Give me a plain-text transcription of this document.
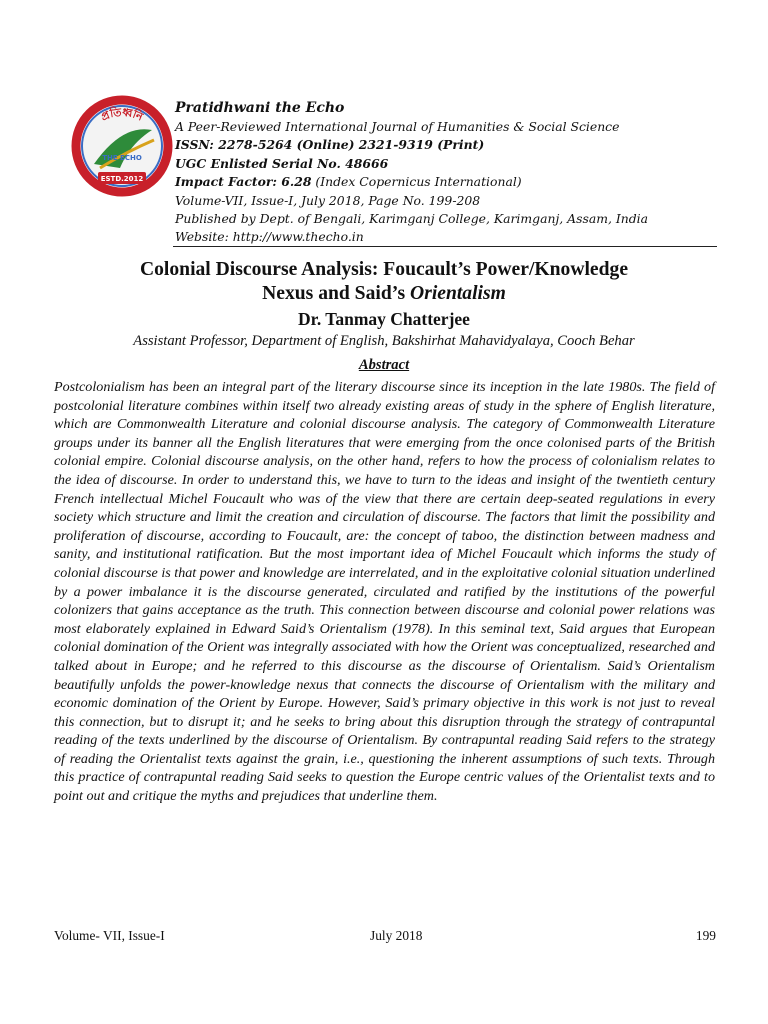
প্রতিধ্বনি
THE ECHO
ESTD.2012
Pratidhwani the Echo
A Peer-Reviewed International Journal of Humanities & Social Science
ISSN: 2278-5264 (Online) 2321-9319 (Print)
UGC Enlisted Serial No. 48666
Impact Factor: 6.28 (Index Copernicus International)
Volume-VII, Issue-I, July 2018, Page No. 199-208
Published by Dept. of Bengali, Karimganj College, Karimganj, Assam, India
Website: http://www.thecho.in
Colonial Discourse Analysis: Foucault’s Power/Knowledge
Nexus and Said’s Orientalism
Dr. Tanmay Chatterjee
Assistant Professor, Department of English, Bakshirhat Mahavidyalaya, Cooch Behar
Abstract

Postcolonialism has been an integral part of the literary discourse since its inception in the late 1980s. The field of postcolonial literature combines within itself two already existing areas of study in the sphere of English literature, which are Commonwealth Literature and colonial discourse analysis. The category of Commonwealth Literature groups under its banner all the English literatures that were emerging from the once colonised parts of the British colonial empire. Colonial discourse analysis, on the other hand, refers to how the process of colonialism relates to the idea of discourse. In order to understand this, we have to turn to the ideas and insight of the twentieth century French intellectual Michel Foucault who was of the view that there are certain deep-seated regulations in every society which structure and limit the creation and circulation of discourse. The factors that limit the possibility and proliferation of discourse, according to Foucault, are: the concept of taboo, the distinction between madness and sanity, and institutional ratification. But the most important idea of Michel Foucault which informs the study of colonial discourse is that power and knowledge are interrelated, and in the exploitative colonial situation underlined by a power imbalance it is the discourse generated, circulated and ratified by the institutions of the powerful colonizers that gains acceptance as the truth. This connection between discourse and colonial power relations was most elaborately explained in Edward Said’s Orientalism (1978). In this seminal text, Said argues that European colonial domination of the Orient was integrally associated with how the Orient was conceptualized, researched and talked about in Europe; and he referred to this discourse as the discourse of Orientalism. Said’s Orientalism beautifully unfolds the power-knowledge nexus that connects the discourse of Orientalism with the military and economic domination of the Orient by Europe. However, Said’s primary objective in this work is not just to reveal this connection, but to disrupt it; and he seeks to bring about this disruption through the strategy of contrapuntal reading of the texts underlined by the discourse of Orientalism. By contrapuntal reading Said refers to the strategy of reading the Orientalist texts against the grain, i.e., questioning the inherent assumptions of such texts. Through this practice of contrapuntal reading Said seeks to question the Europe centric values of the Orientalist texts and to point out and critique the myths and prejudices that underline them.

Volume- VII, Issue-I	July 2018	199
